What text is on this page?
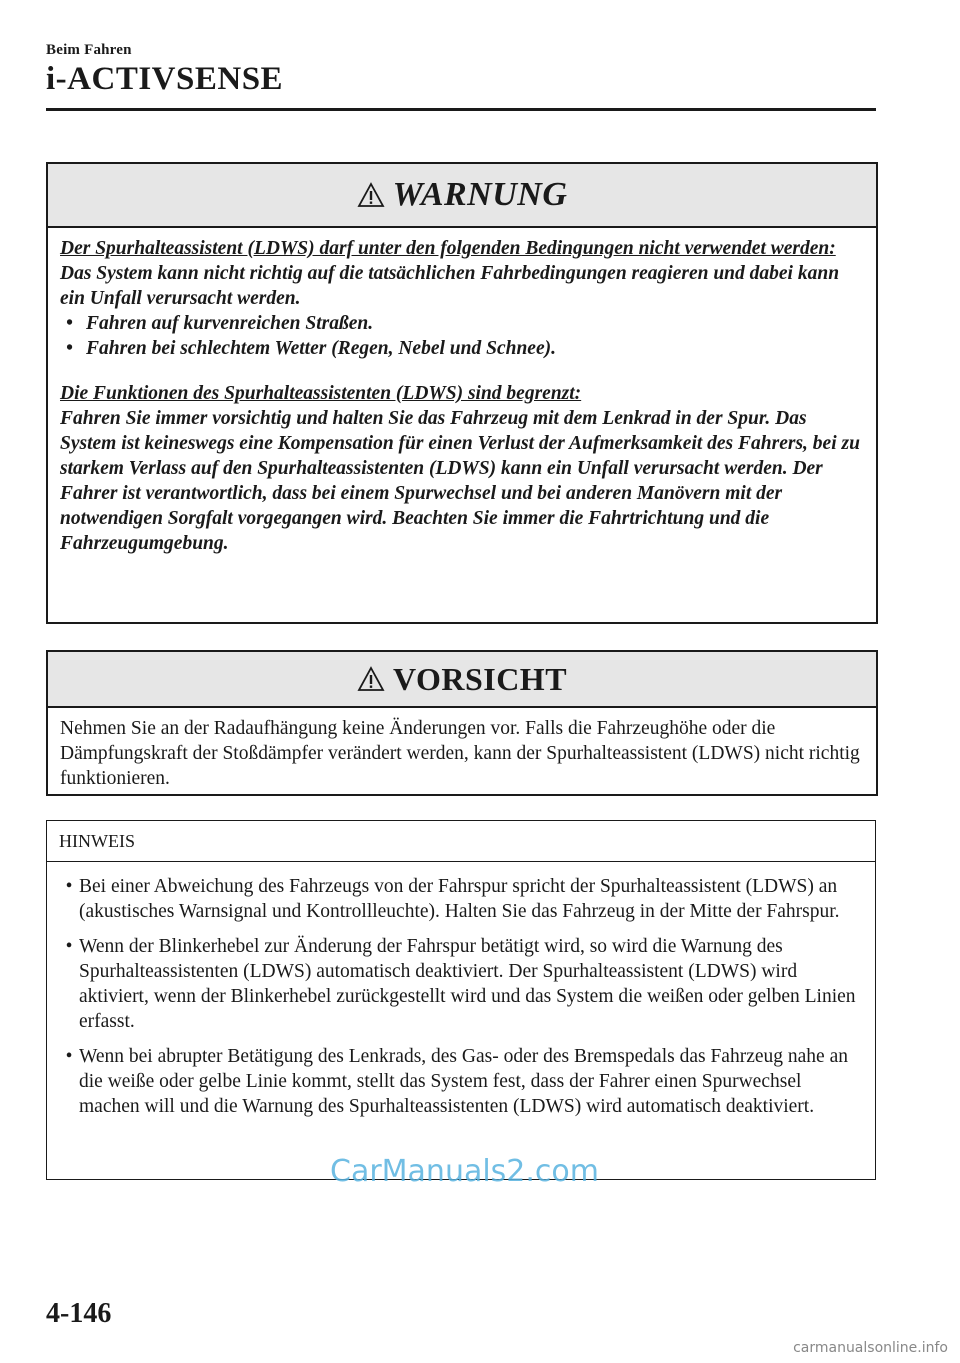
Beim Fahren
i-ACTIVSENSE
WARNUNG
Der Spurhalteassistent (LDWS) darf unter den folgenden Bedingungen nicht verwendet werden:
Das System kann nicht richtig auf die tatsächlichen Fahrbedingungen reagieren und dabei kann ein Unfall verursacht werden.
• Fahren auf kurvenreichen Straßen.
• Fahren bei schlechtem Wetter (Regen, Nebel und Schnee).
Die Funktionen des Spurhalteassistenten (LDWS) sind begrenzt:
Fahren Sie immer vorsichtig und halten Sie das Fahrzeug mit dem Lenkrad in der Spur. Das System ist keineswegs eine Kompensation für einen Verlust der Aufmerksamkeit des Fahrers, bei zu starkem Verlass auf den Spurhalteassistenten (LDWS) kann ein Unfall verursacht werden. Der Fahrer ist verantwortlich, dass bei einem Spurwechsel und bei anderen Manövern mit der notwendigen Sorgfalt vorgegangen wird. Beachten Sie immer die Fahrtrichtung und die Fahrzeugumgebung.
VORSICHT
Nehmen Sie an der Radaufhängung keine Änderungen vor. Falls die Fahrzeughöhe oder die Dämpfungskraft der Stoßdämpfer verändert werden, kann der Spurhalteassistent (LDWS) nicht richtig funktionieren.
HINWEIS
• Bei einer Abweichung des Fahrzeugs von der Fahrspur spricht der Spurhalteassistent (LDWS) an (akustisches Warnsignal und Kontrollleuchte). Halten Sie das Fahrzeug in der Mitte der Fahrspur.
• Wenn der Blinkerhebel zur Änderung der Fahrspur betätigt wird, so wird die Warnung des Spurhalteassistenten (LDWS) automatisch deaktiviert. Der Spurhalteassistent (LDWS) wird aktiviert, wenn der Blinkerhebel zurückgestellt wird und das System die weißen oder gelben Linien erfasst.
• Wenn bei abrupter Betätigung des Lenkrads, des Gas- oder des Bremspedals das Fahrzeug nahe an die weiße oder gelbe Linie kommt, stellt das System fest, dass der Fahrer einen Spurwechsel machen will und die Warnung des Spurhalteassistenten (LDWS) wird automatisch deaktiviert.
CarManuals2.com
4-146
carmanualsonline.info
